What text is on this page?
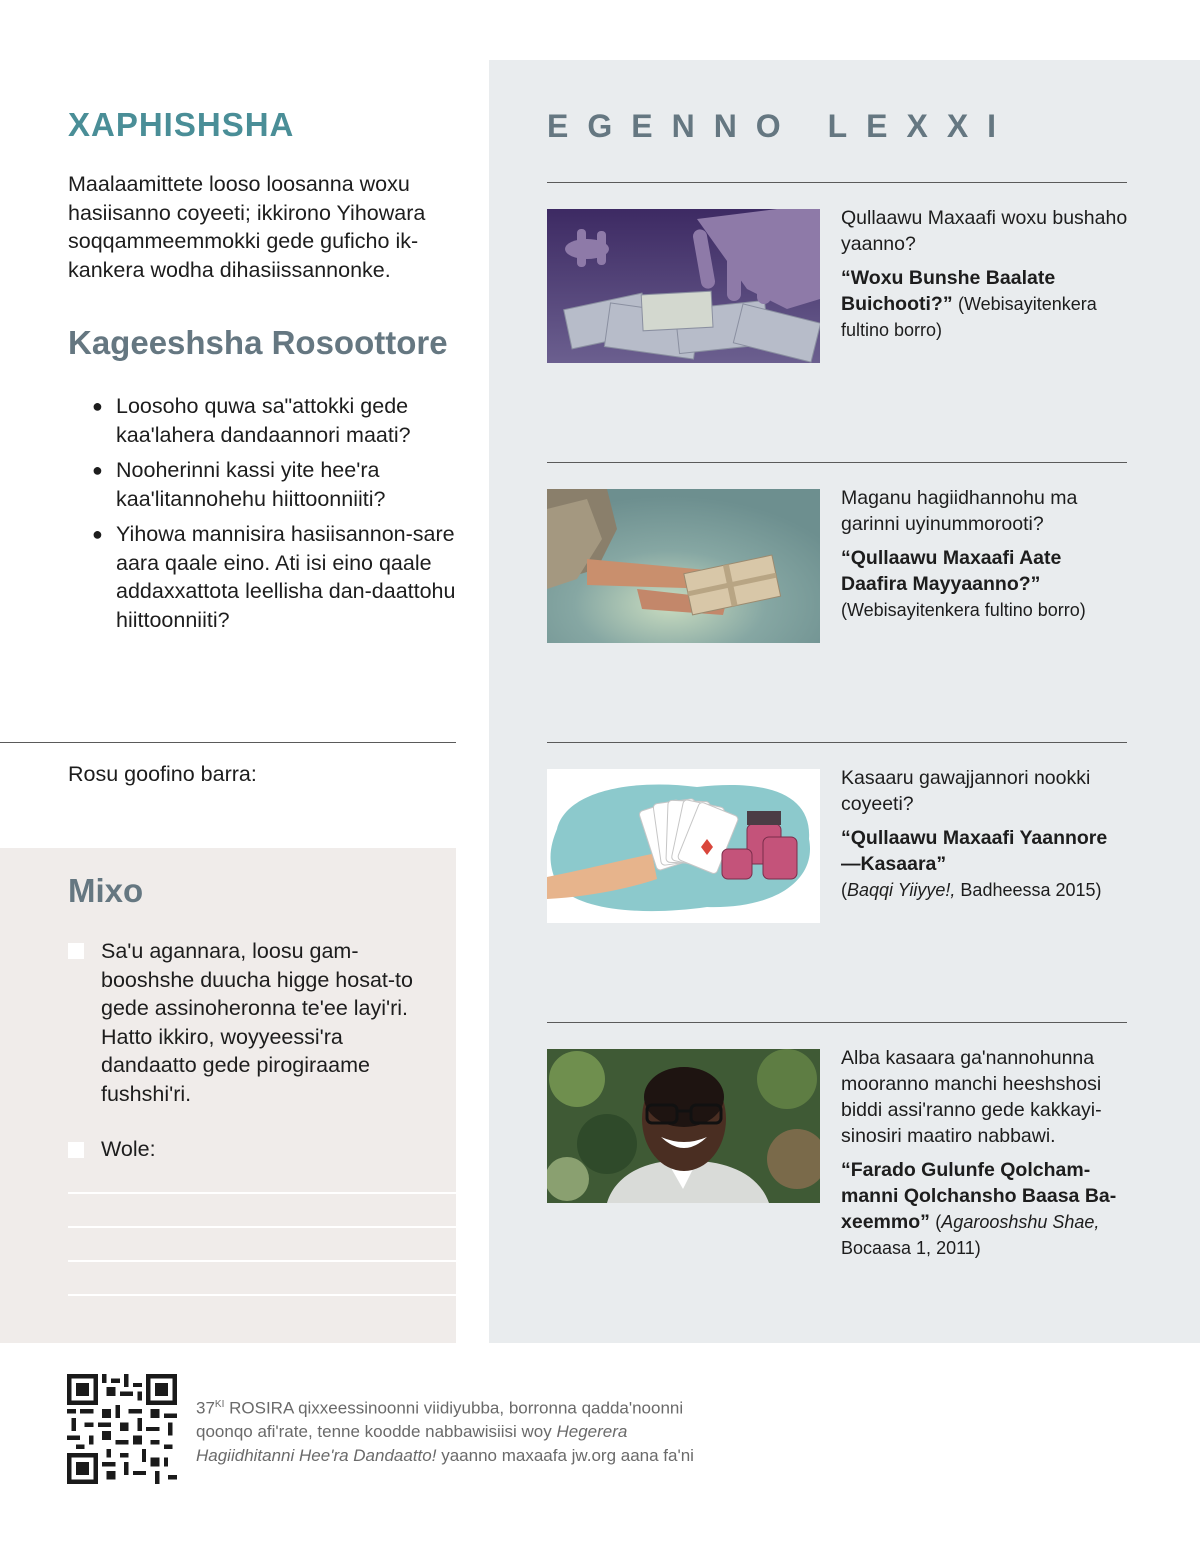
XAPHISHSHA

Maalaamittete looso loosanna woxu hasiisanno coyeeti; ikkirono Yihowara soqqammeemmokki gede guficho ik-kankera wodha dihasiissannonke.

Kageeshsha Rosoottore
● Loosoho quwa sa"attokki gede kaa'lahera dandaannori maati?
● Nooherinni kassi yite hee'ra kaa'litannohehu hiittoonniiti?
● Yihowa mannisira hasiisannon-sare aara qaale eino. Ati isi eino qaale addaxxattota leellisha dan-daattohu hiittoonniiti?
Rosu goofino barra:
Mixo

Sa'u agannara, loosu gam-booshshe duucha higge hosat-to gede assinoheronna te'ee layi'ri. Hatto ikkiro, woyyeessi'ra dandaatto gede pirogiraame fushshi'ri.

Wole:
EGENNO LEXXI
Qullaawu Maxaafi woxu bushaho yaanno?
“Woxu Bunshe Baalate Buichooti?” (Webisayitenkera fultino borro)
Maganu hagiidhannohu ma garinni uyinummorooti?
“Qullaawu Maxaafi Aate Daafira Mayyaanno?”
(Webisayitenkera fultino borro)
Kasaaru gawajjannori nookki coyeeti?
“Qullaawu Maxaafi Yaannore —Kasaara”
(Baqqi Yiiyye!, Badheessa 2015)
Alba kasaara ga'nannohunna mooranno manchi heeshshosi biddi assi'ranno gede kakkayi-sinosiri maatiro nabbawi.
“Farado Gulunfe Qolcham-manni Qolchansho Baasa Ba-xeemmo” (Agarooshshu Shae, Bocaasa 1, 2011)
$37^{KI}$ ROSIRA qixxeessinoonni viidiyubba, borronna qadda'noonni qoonqo afi'rate, tenne koodde nabbawisiisi woy Hegerera Hagiidhitanni Hee'ra Dandaatto! yaanno maxaafa jw.org aana fa'ni
